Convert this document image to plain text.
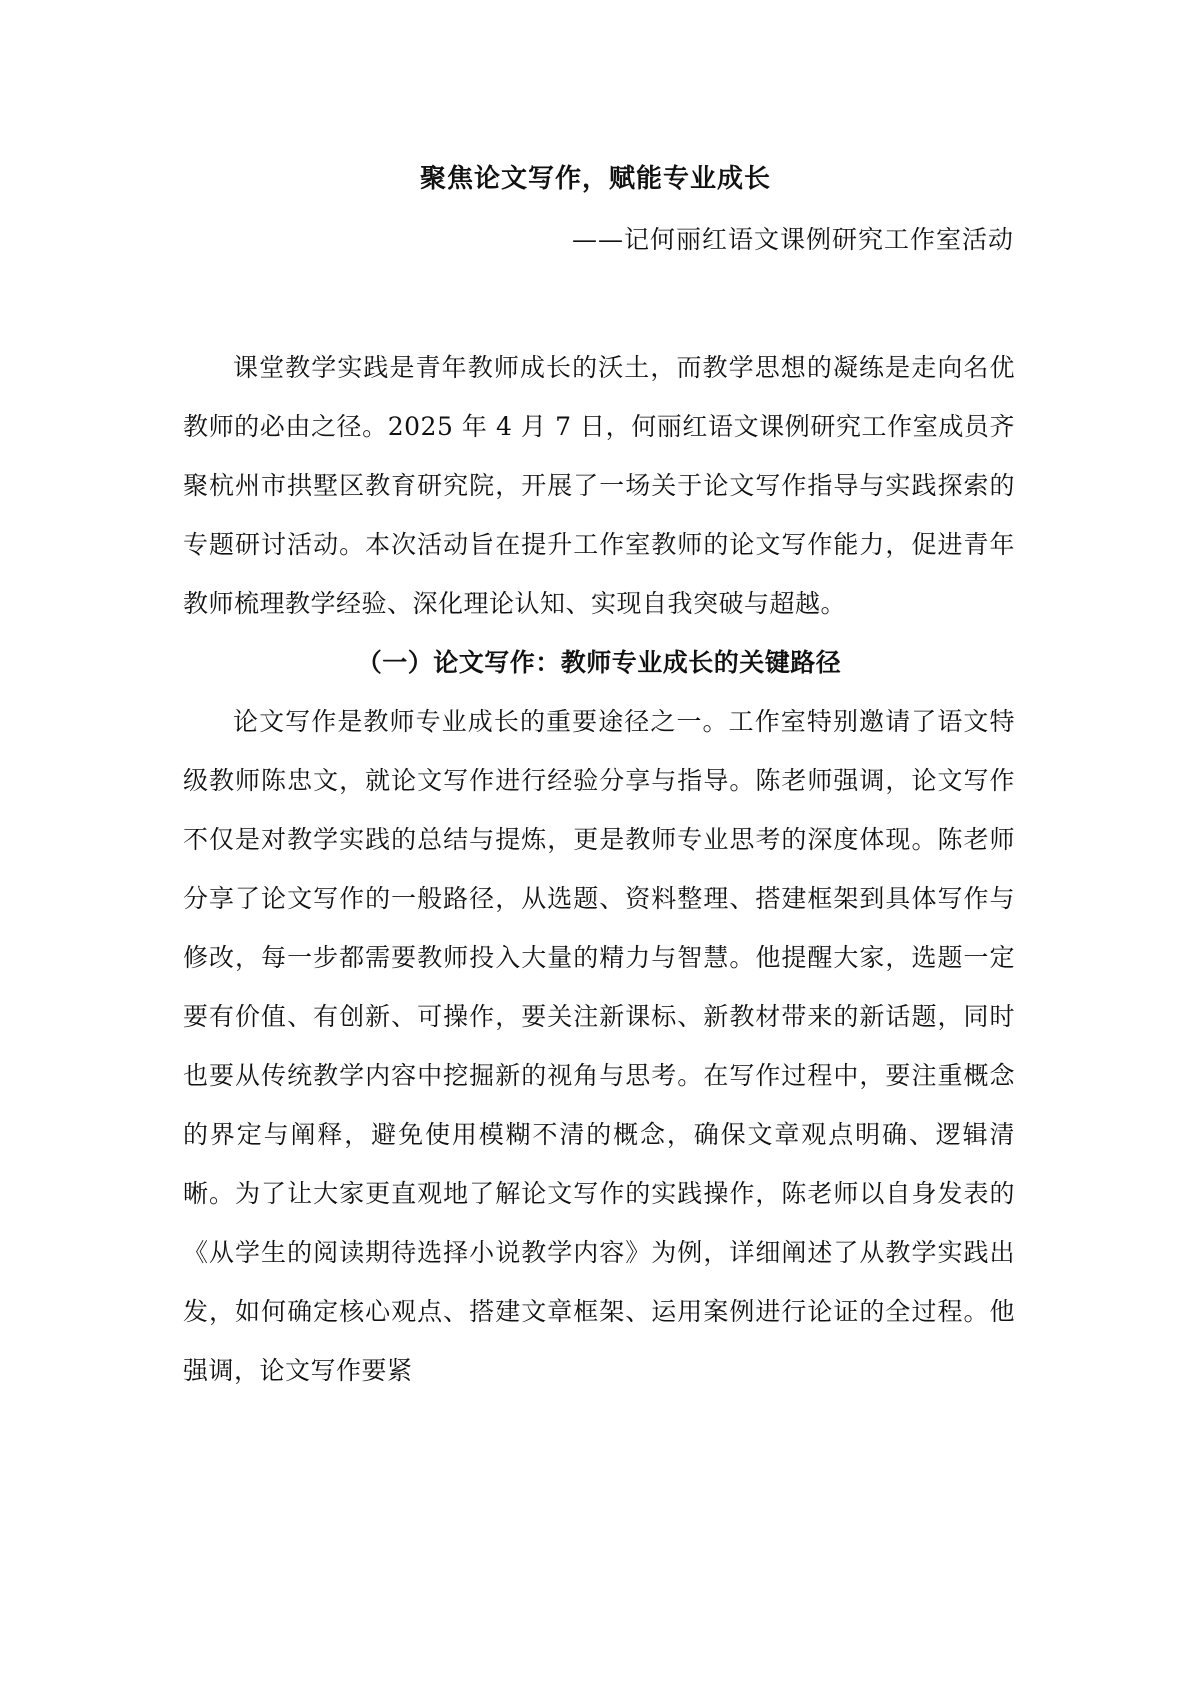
聚焦论文写作，赋能专业成长

——记何丽红语文课例研究工作室活动

课堂教学实践是青年教师成长的沃土，而教学思想的凝练是走向名优教师的必由之径。2025 年 4 月 7 日，何丽红语文课例研究工作室成员齐聚杭州市拱墅区教育研究院，开展了一场关于论文写作指导与实践探索的专题研讨活动。本次活动旨在提升工作室教师的论文写作能力，促进青年教师梳理教学经验、深化理论认知、实现自我突破与超越。

（一）论文写作：教师专业成长的关键路径

论文写作是教师专业成长的重要途径之一。工作室特别邀请了语文特级教师陈忠文，就论文写作进行经验分享与指导。陈老师强调，论文写作不仅是对教学实践的总结与提炼，更是教师专业思考的深度体现。陈老师分享了论文写作的一般路径，从选题、资料整理、搭建框架到具体写作与修改，每一步都需要教师投入大量的精力与智慧。他提醒大家，选题一定要有价值、有创新、可操作，要关注新课标、新教材带来的新话题，同时也要从传统教学内容中挖掘新的视角与思考。在写作过程中，要注重概念的界定与阐释，避免使用模糊不清的概念，确保文章观点明确、逻辑清晰。为了让大家更直观地了解论文写作的实践操作，陈老师以自身发表的《从学生的阅读期待选择小说教学内容》为例，详细阐述了从教学实践出发，如何确定核心观点、搭建文章框架、运用案例进行论证的全过程。他强调，论文写作要紧
